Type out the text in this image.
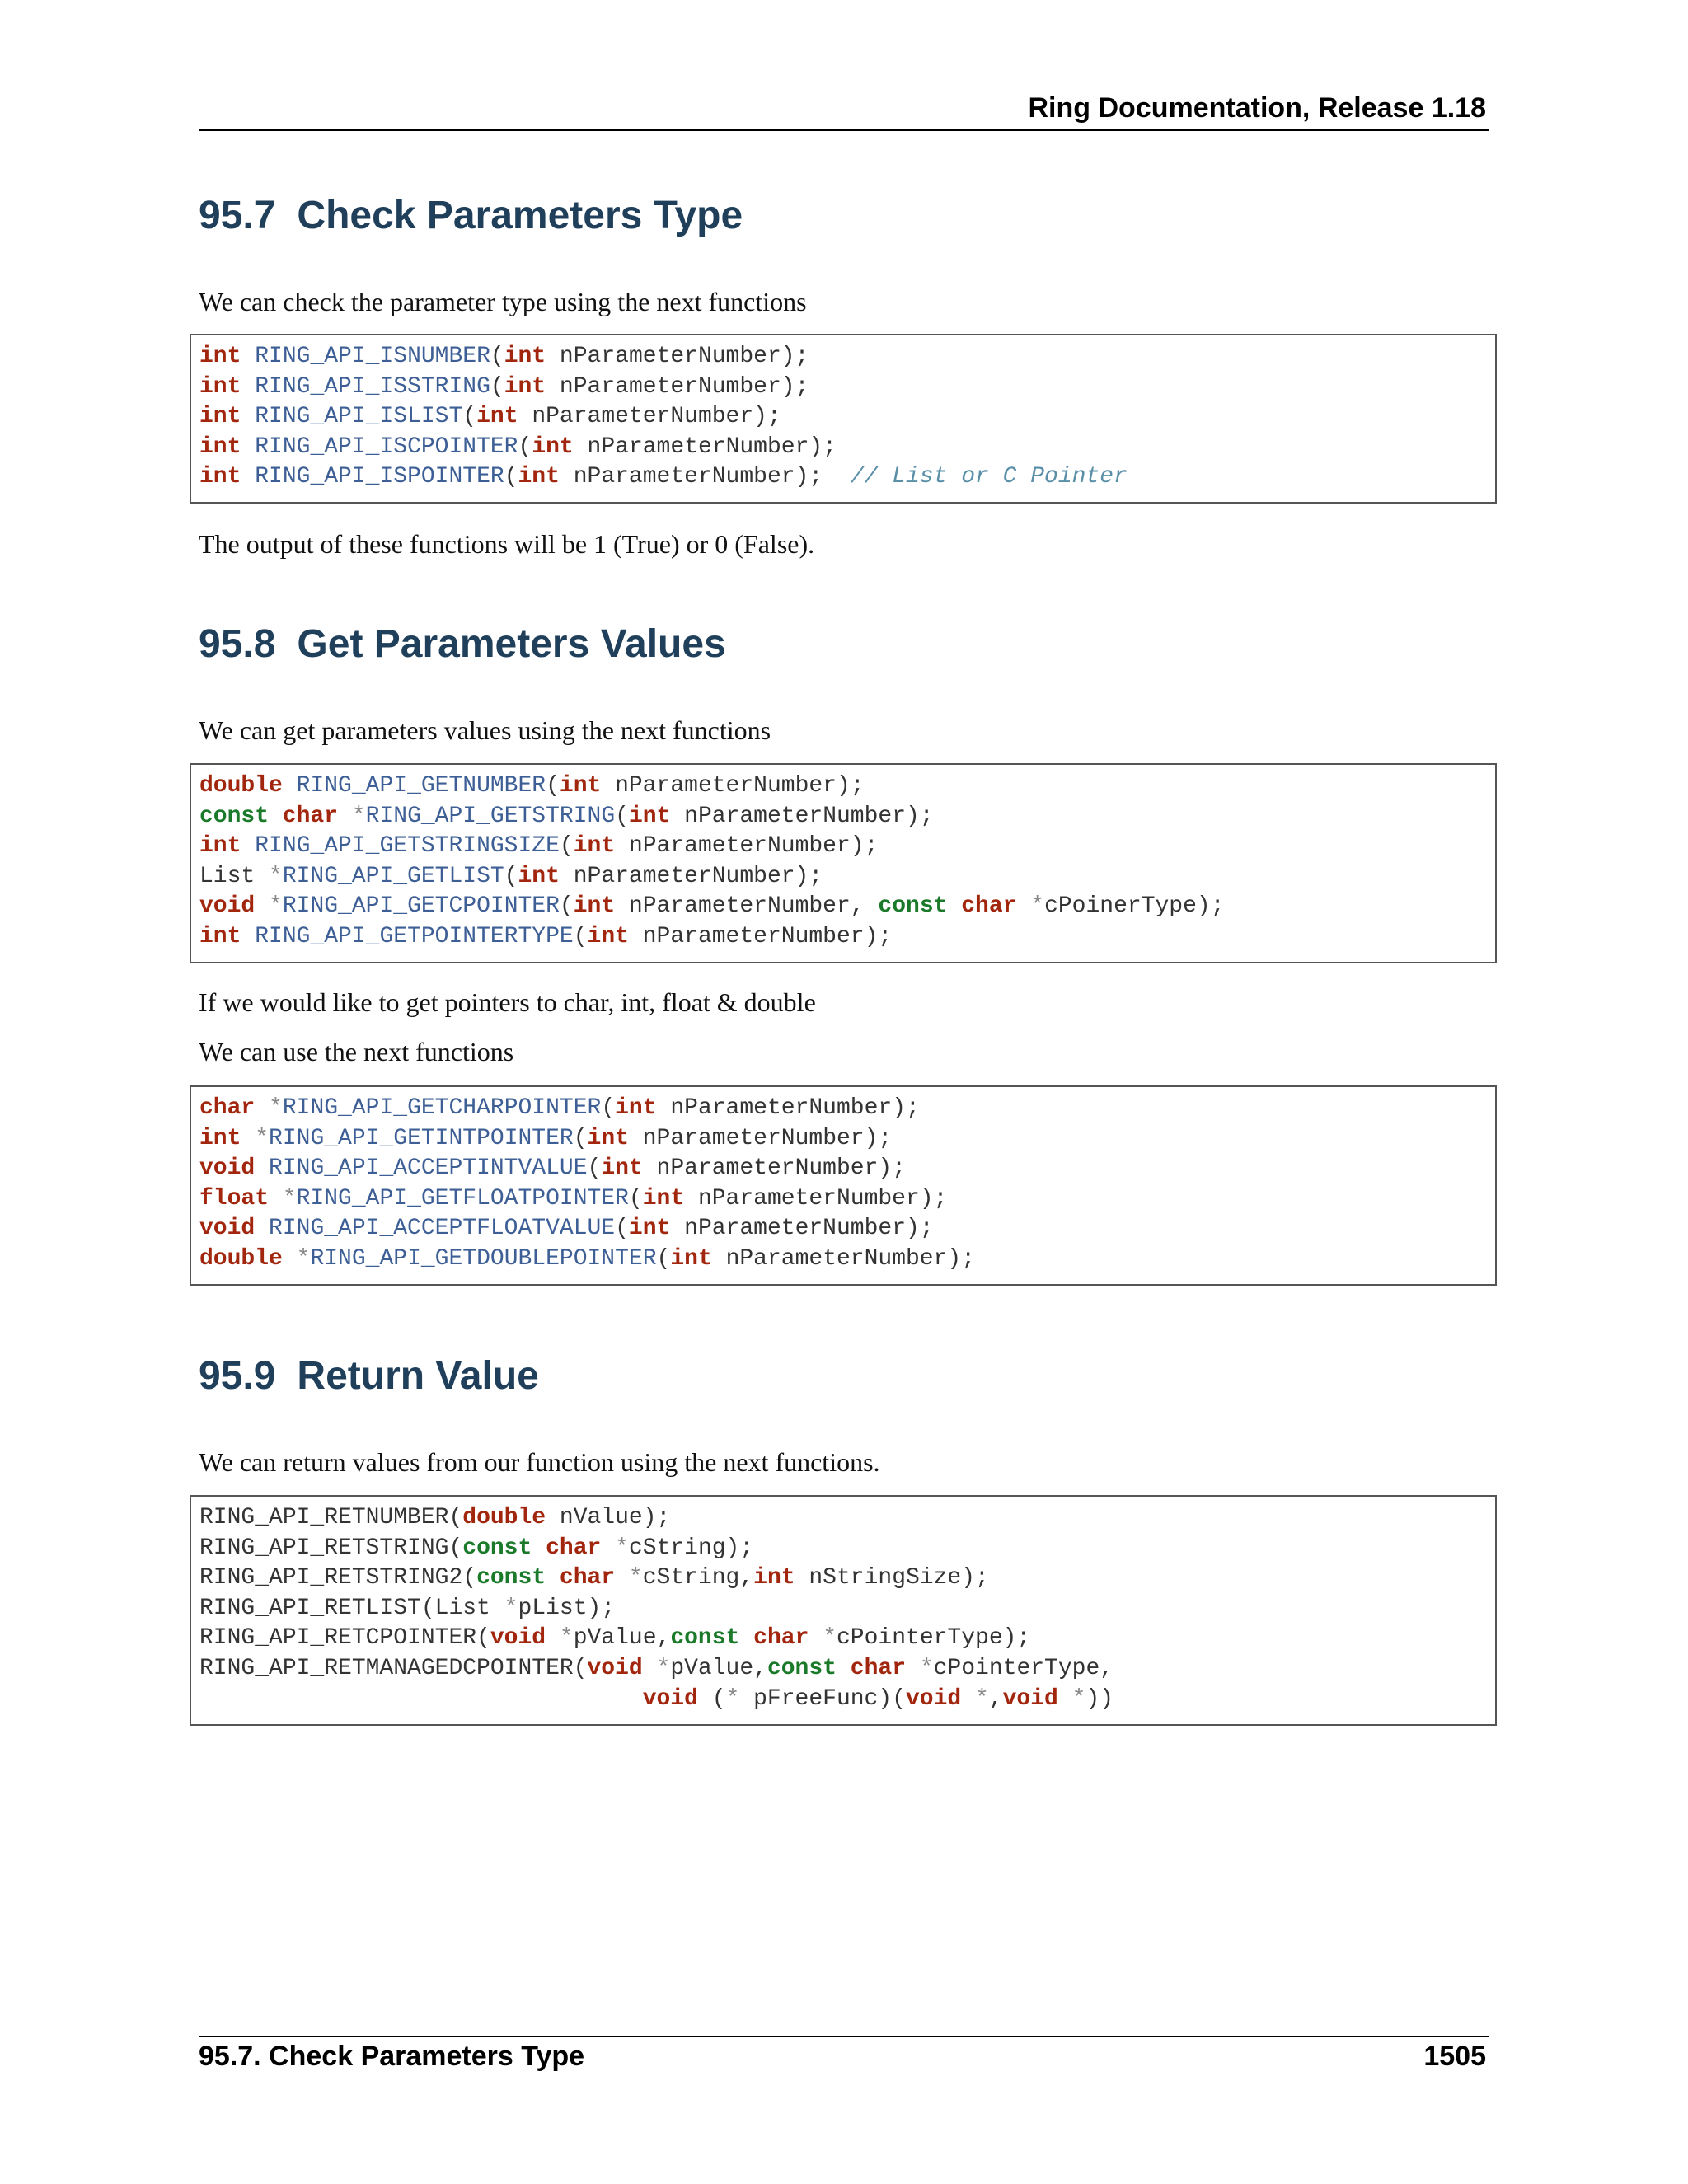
Ring Documentation, Release 1.18
95.7 Check Parameters Type

We can check the parameter type using the next functions

int RING_API_ISNUMBER(int nParameterNumber);
int RING_API_ISSTRING(int nParameterNumber);
int RING_API_ISLIST(int nParameterNumber);
int RING_API_ISCPOINTER(int nParameterNumber);
int RING_API_ISPOINTER(int nParameterNumber);  // List or C Pointer

The output of these functions will be 1 (True) or 0 (False).

95.8 Get Parameters Values

We can get parameters values using the next functions

double RING_API_GETNUMBER(int nParameterNumber);
const char *RING_API_GETSTRING(int nParameterNumber);
int RING_API_GETSTRINGSIZE(int nParameterNumber);
List *RING_API_GETLIST(int nParameterNumber);
void *RING_API_GETCPOINTER(int nParameterNumber, const char *cPoinerType);
int RING_API_GETPOINTERTYPE(int nParameterNumber);

If we would like to get pointers to char, int, float & double

We can use the next functions

char *RING_API_GETCHARPOINTER(int nParameterNumber);
int *RING_API_GETINTPOINTER(int nParameterNumber);
void RING_API_ACCEPTINTVALUE(int nParameterNumber);
float *RING_API_GETFLOATPOINTER(int nParameterNumber);
void RING_API_ACCEPTFLOATVALUE(int nParameterNumber);
double *RING_API_GETDOUBLEPOINTER(int nParameterNumber);
95.9 Return Value

We can return values from our function using the next functions.

RING_API_RETNUMBER(double nValue);
RING_API_RETSTRING(const char *cString);
RING_API_RETSTRING2(const char *cString,int nStringSize);
RING_API_RETLIST(List *pList);
RING_API_RETCPOINTER(void *pValue,const char *cPointerType);
RING_API_RETMANAGEDCPOINTER(void *pValue,const char *cPointerType,
void (* pFreeFunc)(void *,void *))
95.7. Check Parameters Type	1505
